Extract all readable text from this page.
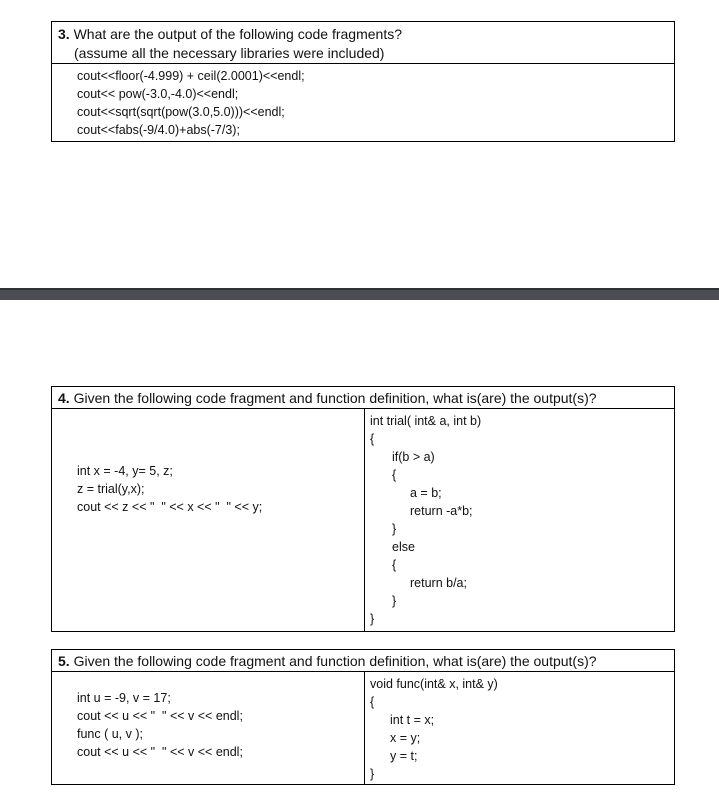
3. What are the output of the following code fragments?
(assume all the necessary libraries were included)
cout<<floor(-4.999) + ceil(2.0001)<<endl;
cout<< pow(-3.0,-4.0)<<endl;
cout<<sqrt(sqrt(pow(3.0,5.0)))<<endl;
cout<<fabs(-9/4.0)+abs(-7/3);
4. Given the following code fragment and function definition, what is(are) the output(s)?
int x = -4, y= 5, z;
z = trial(y,x);
cout << z << "  " << x << "  " << y;
int trial( int& a, int b)
{
if(b > a)
{
a = b;
return -a*b;
}
else
{
return b/a;
}
}
5. Given the following code fragment and function definition, what is(are) the output(s)?
int u = -9, v = 17;
cout << u << "  " << v << endl;
func ( u, v );
cout << u << "  " << v << endl;
void func(int& x, int& y)
{
int t = x;
x = y;
y = t;
}
